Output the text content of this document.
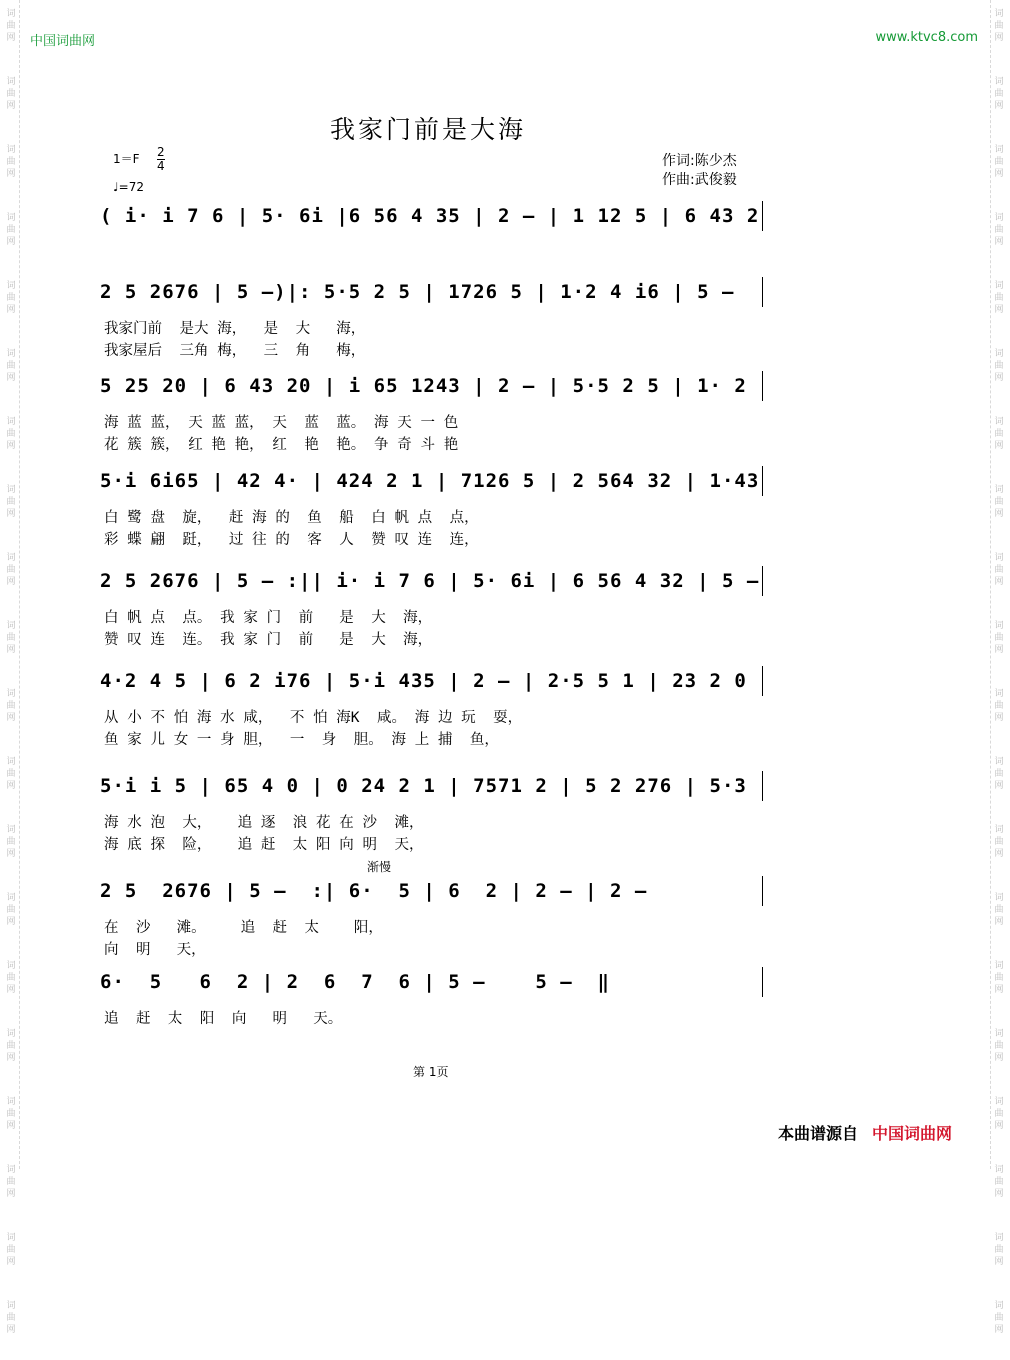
词
曲
网
词
曲
网
词
曲
网
词
曲
网
词
曲
网
词
曲
网
词
曲
网
词
曲
网
词
曲
网
词
曲
网
词
曲
网
词
曲
网
词
曲
网
词
曲
网
词
曲
网
词
曲
网
词
曲
网
词
曲
网
词
曲
网
词
曲
网
词
曲
网
词
曲
网
词
曲
网
词
曲
网
词
曲
网
词
曲
网
词
曲
网
词
曲
网
词
曲
网
词
曲
网
词
曲
网
词
曲
网
词
曲
网
词
曲
网
词
曲
网
词
曲
网
词
曲
网
词
曲
网
词
曲
网
词
曲
网
中国词曲网	www.ktvc8.com
我家门前是大海
$1=F \frac{2}{4}$
♩=72
作词:陈少杰
作曲:武俊毅
渐慢
( i· i 7 6 | 5· 6i |6 56 4 35 | 2 – | 1 12 5 | 6 43 2
2 5 2676 | 5 –)|: 5·5 2 5 | 1726 5 | 1·2 4 i6 | 5 –
我家门前  是大 海，  是  大   海，
我家屋后  三角 梅，  三  角   梅，
5 25 20 | 6 43 20 | i 65 1243 | 2 – | 5·5 2 5 | 1· 2
海 蓝 蓝， 天 蓝 蓝， 天  蓝  蓝。 海 天 一 色
花 簇 簇， 红 艳 艳， 红  艳  艳。 争 奇 斗 艳
5·i 6i65 | 42 4· | 424 2 1 | 7126 5 | 2 564 32 | 1·43
白 鹭 盘  旋，  赶 海 的  鱼  船  白 帆 点  点，
彩 蝶 翩  跹，  过 往 的  客  人  赞 叹 连  连，
2 5 2676 | 5 – :|| i· i 7 6 | 5· 6i | 6 56 4 32 | 5 –
白 帆 点  点。 我 家 门  前   是  大  海，
赞 叹 连  连。 我 家 门  前   是  大  海，
4·2 4 5 | 6 2 i76 | 5·i 435 | 2 – | 2·5 5 1 | 23 2 0
从 小 不 怕 海 水 咸，  不 怕 海K  咸。 海 边 玩  耍，
鱼 家 儿 女 一 身 胆，  一  身  胆。 海 上 捕  鱼，
5·i i 5 | 65 4 0 | 0 24 2 1 | 7571 2 | 5 2 276 | 5·3
海 水 泡  大，   追 逐  浪 花 在 沙  滩，
海 底 探  险，   追 赶  太 阳 向 明  天，
2 5  2676 | 5 –  :| 6·  5 | 6  2 | 2 – | 2 –
在  沙   滩。    追  赶  太    阳，
向  明   天，
6·  5   6  2 | 2  6  7  6 | 5 –    5 –  ‖
追  赶  太  阳  向   明   天。
第 1页
本曲谱源自 中国词曲网
